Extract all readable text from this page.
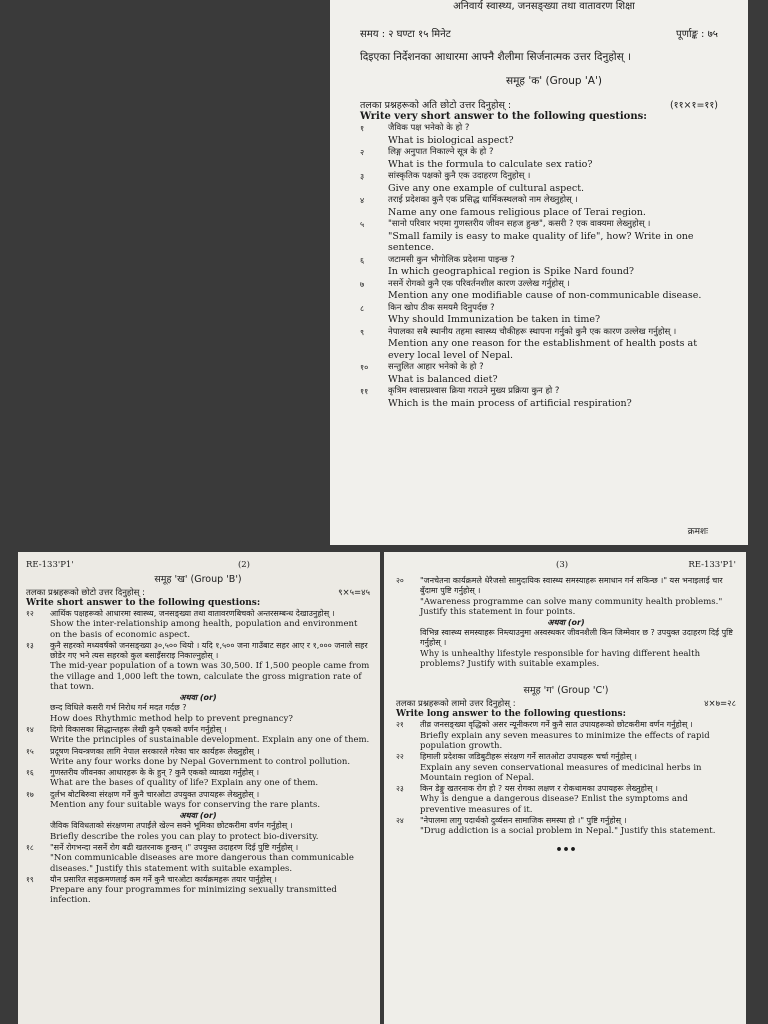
अनिवार्य स्वास्थ्य, जनसङ्ख्या तथा वातावरण शिक्षा
समय : २ घण्टा १५ मिनेट	पूर्णाङ्क : ७५
दिइएका निर्देशनका आधारमा आफ्नै शैलीमा सिर्जनात्मक उत्तर दिनुहोस् ।
समूह 'क' (Group 'A')
तलका प्रश्नहरूको अति छोटो उत्तर दिनुहोस् :	(११×१=११)
Write very short answer to the following questions:
१	जैविक पक्ष भनेको के हो ?
What is biological aspect?
२	लिङ्ग अनुपात निकाल्ने सूत्र के हो ?
What is the formula to calculate sex ratio?
३	सांस्कृतिक पक्षको कुनै एक उदाहरण दिनुहोस् ।
Give any one example of cultural aspect.
४	तराई प्रदेशका कुनै एक प्रसिद्ध धार्मिकस्थलको नाम लेख्नुहोस् ।
Name any one famous religious place of Terai region.
५	"सानो परिवार भएमा गुणस्तरीय जीवन सहज हुन्छ", कसरी ? एक वाक्यमा लेख्नुहोस् ।
"Small family is easy to make quality of life", how? Write in one sentence.
६	जटामसी कुन भौगोलिक प्रदेशमा पाइन्छ ?
In which geographical region is Spike Nard found?
७	नसर्ने रोगको कुनै एक परिवर्तनशील कारण उल्लेख गर्नुहोस् ।
Mention any one modifiable cause of non-communicable disease.
८	किन खोप ठीक समयमै दिनुपर्दछ ?
Why should Immunization be taken in time?
९	नेपालका सबै स्थानीय तहमा स्वास्थ्य चौकीहरू स्थापना गर्नुको कुनै एक कारण उल्लेख गर्नुहोस् ।
Mention any one reason for the establishment of health posts at every local level of Nepal.
१०	सन्तुलित आहार भनेको के हो ?
What is balanced diet?
११	कृत्रिम श्वासप्रश्वास क्रिया गराउने मुख्य प्रक्रिया कुन हो ?
Which is the main process of artificial respiration?
क्रमशः
RE-133'P1'	(2)
समूह 'ख' (Group 'B')
तलका प्रश्नहरूको छोटो उत्तर दिनुहोस् :	९×५=४५
Write short answer to the following questions:
१२	आर्थिक पक्षहरूको आधारमा स्वास्थ्य, जनसङ्ख्या तथा वातावरणबिचको अन्तरसम्बन्ध देखाउनुहोस् ।
Show the inter-relationship among health, population and environment on the basis of economic aspect.
१३	कुनै सहरको मध्यवर्षको जनसङ्ख्या ३०,५०० थियो । यदि १,५०० जना गाउँबाट सहर आए र १,००० जनाले सहर छोडेर गए भने त्यस सहरको कुल बसाइँसराइ निकाल्नुहोस् ।
The mid-year population of a town was 30,500. If 1,500 people came from the village and 1,000 left the town, calculate the gross migration rate of that town.
अथवा (or)
छन्द विधिले कसरी गर्भ निरोध गर्न मदत गर्दछ ?
How does Rhythmic method help to prevent pregnancy?
१४	दिगो विकासका सिद्धान्तहरू लेखी कुनै एकको वर्णन गर्नुहोस् ।
Write the principles of sustainable development. Explain any one of them.
१५	प्रदूषण नियन्त्रणका लागि नेपाल सरकारले गरेका चार कार्यहरू लेख्नुहोस् ।
Write any four works done by Nepal Government to control pollution.
१६	गुणस्तरीय जीवनका आधारहरू के के हुन् ? कुनै एकको व्याख्या गर्नुहोस् ।
What are the bases of quality of life? Explain any one of them.
१७	दुर्लभ बोटबिरुवा संरक्षण गर्ने कुनै चारओटा उपयुक्त उपायहरू लेख्नुहोस् ।
Mention any four suitable ways for conserving the rare plants.
अथवा (or)
जैविक विविधताको संरक्षणमा तपाईंले खेल्न सक्ने भूमिका छोटकरीमा वर्णन गर्नुहोस् ।
Briefly describe the roles you can play to protect bio-diversity.
१८	"सर्ने रोगभन्दा नसर्ने रोग बढी खतरनाक हुन्छन् ।" उपयुक्त उदाहरण दिई पुष्टि गर्नुहोस् ।
"Non communicable diseases are more dangerous than communicable diseases." Justify this statement with suitable examples.
१९	यौन प्रसारित सङ्क्रमणलाई कम गर्ने कुनै चारओटा कार्यक्रमहरू तयार पार्नुहोस् ।
Prepare any four programmes for minimizing sexually transmitted infection.
(3)	RE-133'P1'
२०	"जनचेतना कार्यक्रमले धेरैजसो सामुदायिक स्वास्थ्य समस्याहरू समाधान गर्न सकिन्छ ।" यस भनाइलाई चार बुँदामा पुष्टि गर्नुहोस् ।
"Awareness programme can solve many community health problems." Justify this statement in four points.
अथवा (or)
विभिन्न स्वास्थ्य समस्याहरू निम्त्याउनुमा अस्वस्थकर जीवनशैली किन जिम्मेवार छ ? उपयुक्त उदाहरण दिई पुष्टि गर्नुहोस् ।
Why is unhealthy lifestyle responsible for having different health problems? Justify with suitable examples.
समूह 'ग' (Group 'C')
तलका प्रश्नहरूको लामो उत्तर दिनुहोस् :	४×७=२८
Write long answer to the following questions:
२१	तीव्र जनसङ्ख्या वृद्धिको असर न्यूनीकरण गर्ने कुनै सात उपायहरूको छोटकरीमा वर्णन गर्नुहोस् ।
Briefly explain any seven measures to minimize the effects of rapid population growth.
२२	हिमाली प्रदेशका जडिबुटीहरू संरक्षण गर्ने सातओटा उपायहरू चर्चा गर्नुहोस् ।
Explain any seven conservational measures of medicinal herbs in Mountain region of Nepal.
२३	किन डेङ्गु खतरनाक रोग हो ? यस रोगका लक्षण र रोकथामका उपायहरू लेख्नुहोस् ।
Why is dengue a dangerous disease? Enlist the symptoms and preventive measures of it.
२४	"नेपालमा लागु पदार्थको दुर्व्यसन सामाजिक समस्या हो ।" पुष्टि गर्नुहोस् ।
"Drug addiction is a social problem in Nepal." Justify this statement.
•••
